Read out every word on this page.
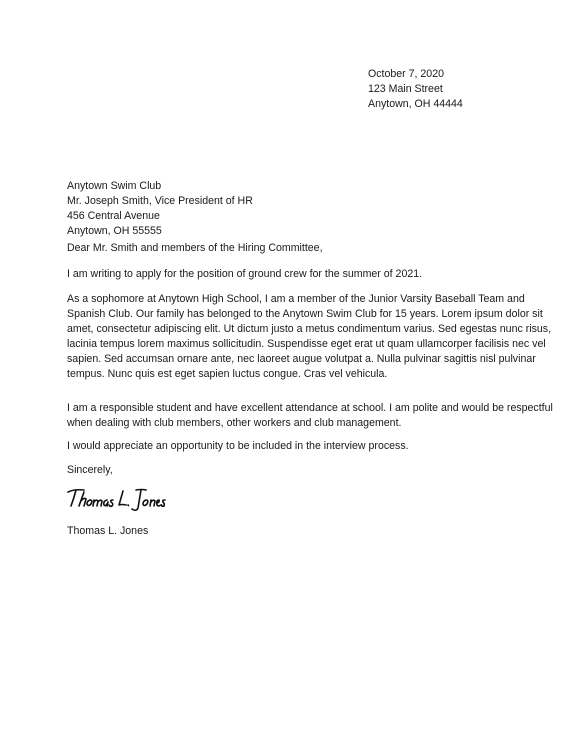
October 7, 2020
123 Main Street
Anytown, OH 44444
Anytown Swim Club
Mr. Joseph Smith, Vice President of HR
456 Central Avenue
Anytown, OH 55555

Dear Mr. Smith and members of the Hiring Committee,

I am writing to apply for the position of ground crew for the summer of 2021.

As a sophomore at Anytown High School, I am a member of the Junior Varsity Baseball Team and
Spanish Club. Our family has belonged to the Anytown Swim Club for 15 years. Lorem ipsum dolor sit
amet, consectetur adipiscing elit. Ut dictum justo a metus condimentum varius. Sed egestas nunc risus,
lacinia tempus lorem maximus sollicitudin. Suspendisse eget erat ut quam ullamcorper facilisis nec vel
sapien. Sed accumsan ornare ante, nec laoreet augue volutpat a. Nulla pulvinar sagittis nisl pulvinar
tempus. Nunc quis est eget sapien luctus congue. Cras vel vehicula.
I am a responsible student and have excellent attendance at school. I am polite and would be respectful
when dealing with club members, other workers and club management.

I would appreciate an opportunity to be included in the interview process.

Sincerely,

Thomas L. Jones
